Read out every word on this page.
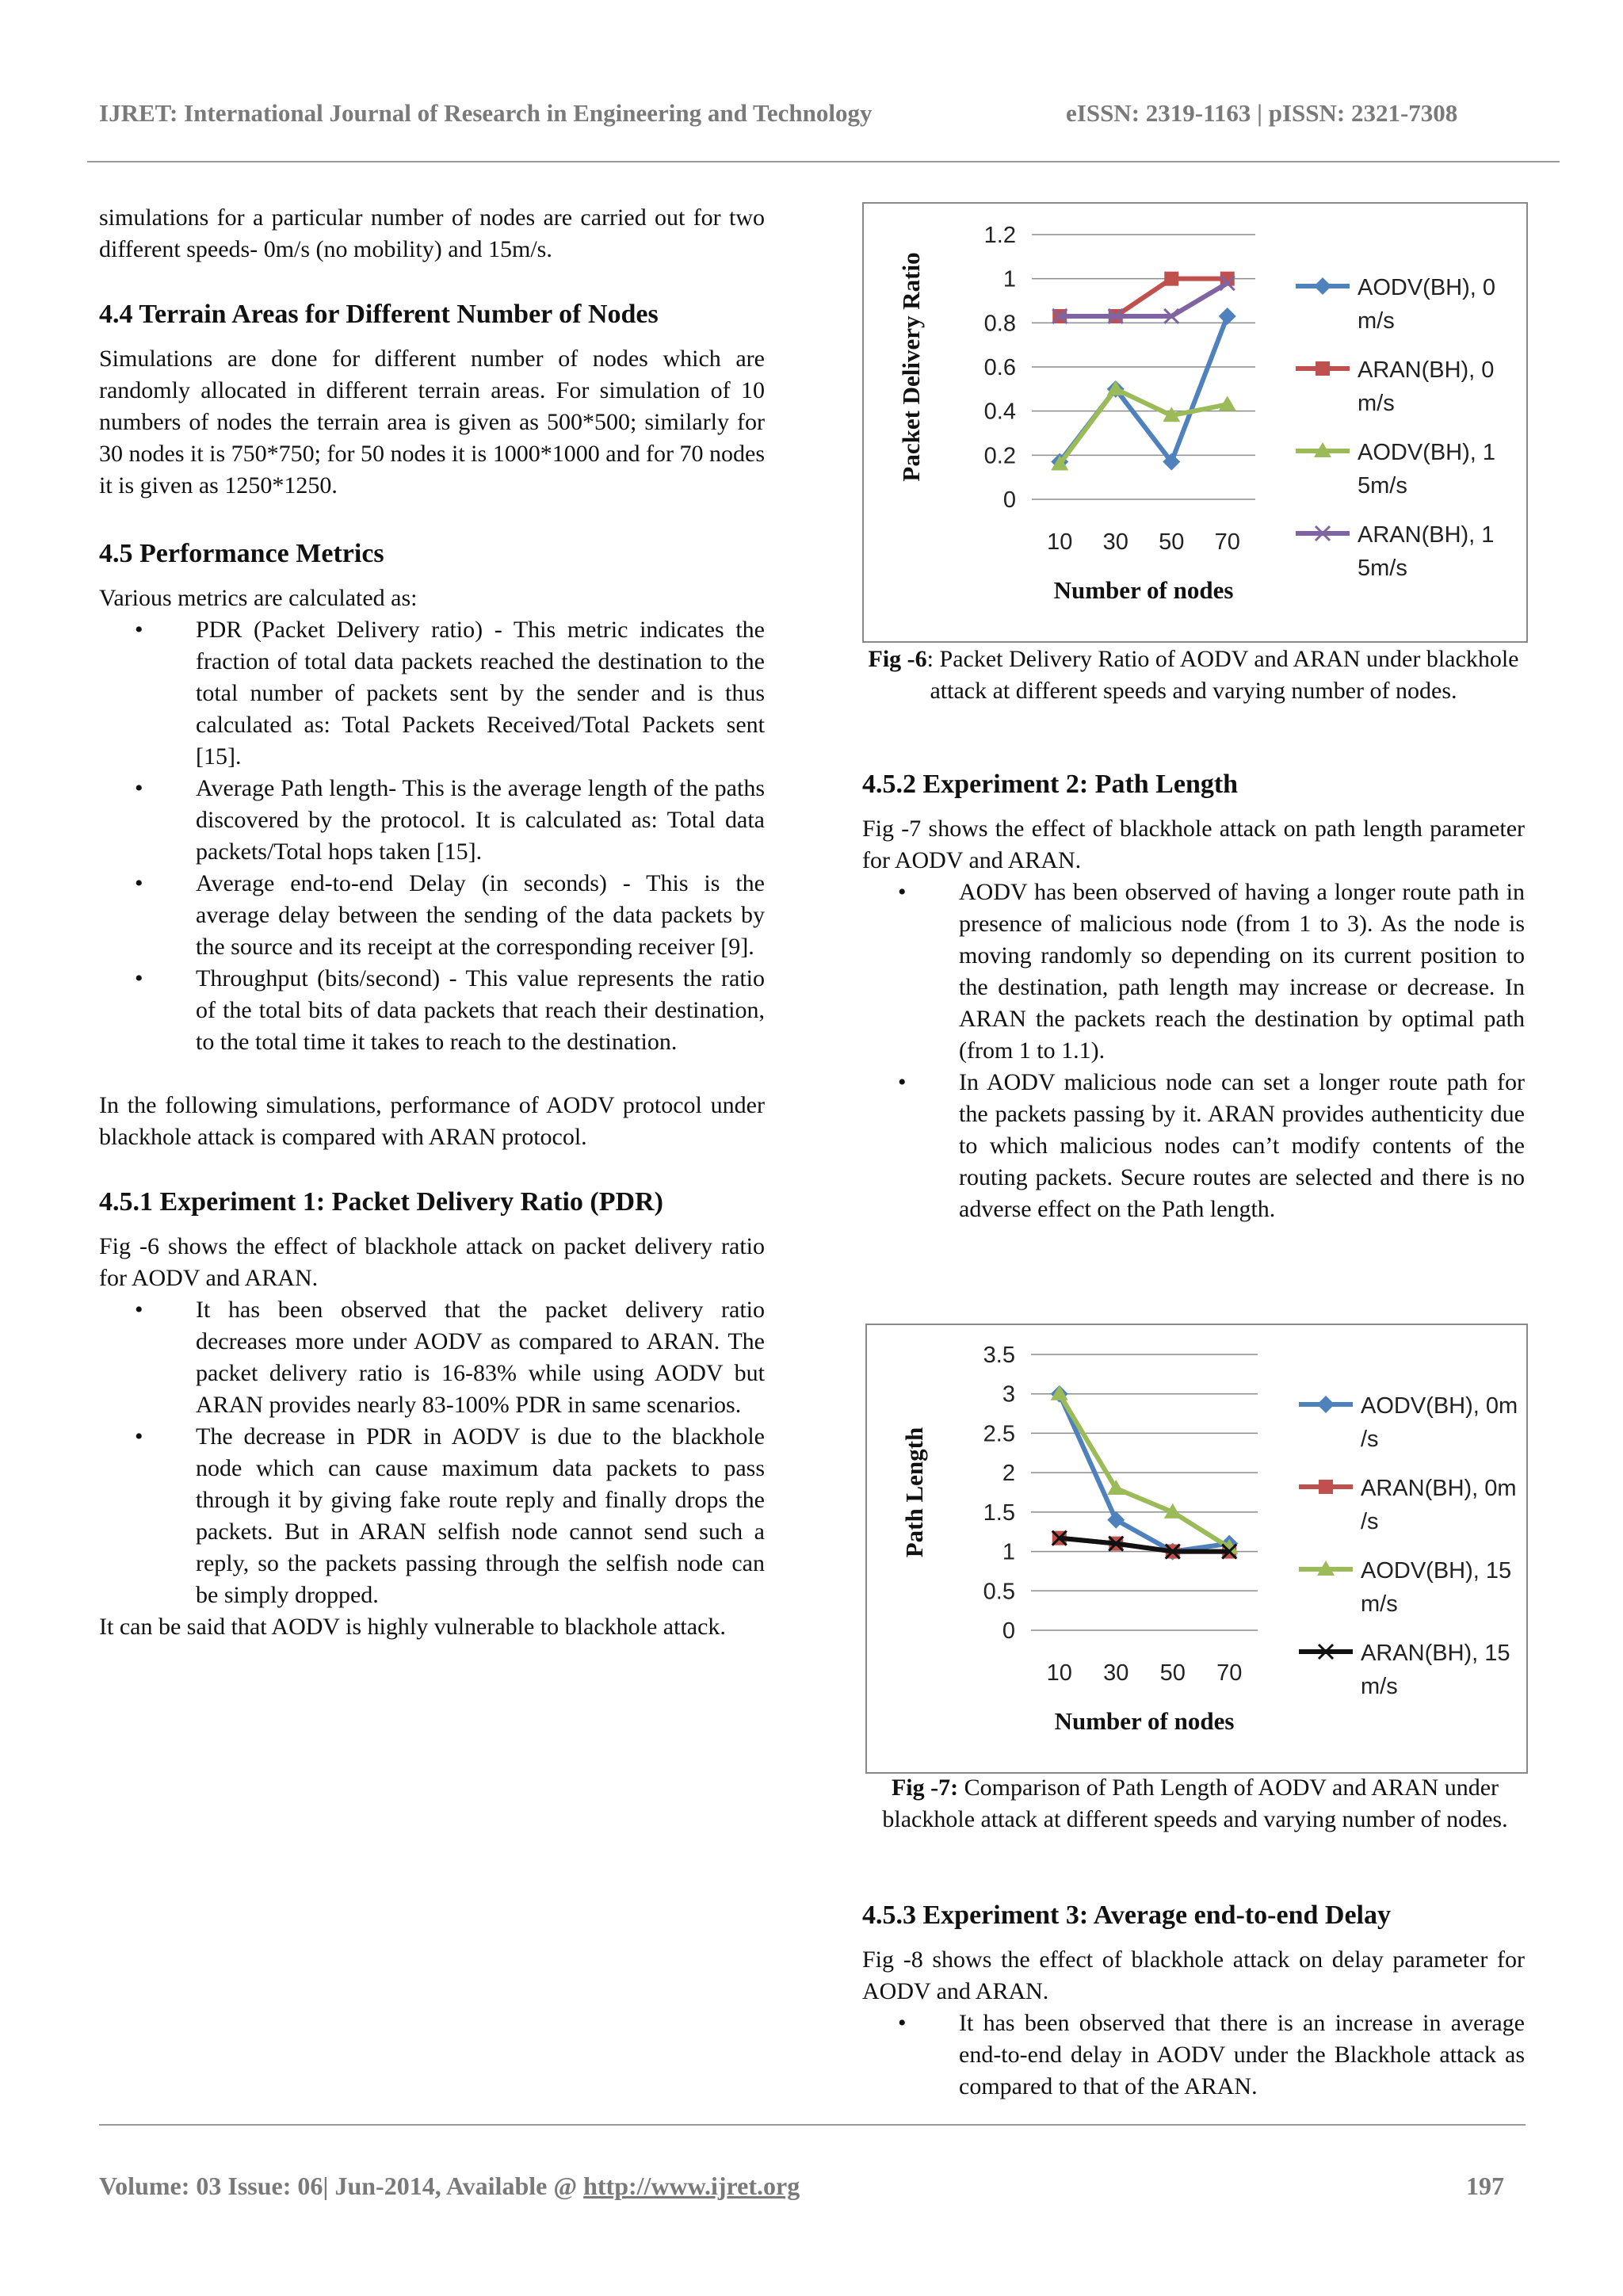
IJRET: International Journal of Research in Engineering and Technology	eISSN: 2319-1163 | pISSN: 2321-7308

simulations for a particular number of nodes are carried out for two different speeds- 0m/s (no mobility) and 15m/s.

4.4 Terrain Areas for Different Number of Nodes

Simulations are done for different number of nodes which are randomly allocated in different terrain areas. For simulation of 10 numbers of nodes the terrain area is given as 500*500; similarly for 30 nodes it is 750*750; for 50 nodes it is 1000*1000 and for 70 nodes it is given as 1250*1250.

4.5 Performance Metrics

Various metrics are calculated as:

• PDR (Packet Delivery ratio) - This metric indicates the fraction of total data packets reached the destination to the total number of packets sent by the sender and is thus calculated as: Total Packets Received/Total Packets sent [15].
• Average Path length- This is the average length of the paths discovered by the protocol. It is calculated as: Total data packets/Total hops taken [15].
• Average end-to-end Delay (in seconds) - This is the average delay between the sending of the data packets by the source and its receipt at the corresponding receiver [9].
• Throughput (bits/second) - This value represents the ratio of the total bits of data packets that reach their destination, to the total time it takes to reach to the destination.

In the following simulations, performance of AODV protocol under blackhole attack is compared with ARAN protocol.

4.5.1 Experiment 1: Packet Delivery Ratio (PDR)

Fig -6 shows the effect of blackhole attack on packet delivery ratio for AODV and ARAN.

• It has been observed that the packet delivery ratio decreases more under AODV as compared to ARAN. The packet delivery ratio is 16-83% while using AODV but ARAN provides nearly 83-100% PDR in same scenarios.
• The decrease in PDR in AODV is due to the blackhole node which can cause maximum data packets to pass through it by giving fake route reply and finally drops the packets. But in ARAN selfish node cannot send such a reply, so the packets passing through the selfish node can be simply dropped.

It can be said that AODV is highly vulnerable to blackhole attack.

0
0.2
0.4
0.6
0.8
1
1.2
10 30 50 70
Number of nodes
Packet Delivery Ratio	AODV(BH), 0
m/s
ARAN(BH), 0
m/s
AODV(BH), 1
5m/s
ARAN(BH), 1
5m/s
Fig -6: Packet Delivery Ratio of AODV and ARAN under blackhole attack at different speeds and varying number of nodes.
4.5.2 Experiment 2: Path Length

Fig -7 shows the effect of blackhole attack on path length parameter for AODV and ARAN.

• AODV has been observed of having a longer route path in presence of malicious node (from 1 to 3). As the node is moving randomly so depending on its current position to the destination, path length may increase or decrease. In ARAN the packets reach the destination by optimal path (from 1 to 1.1).
• In AODV malicious node can set a longer route path for the packets passing by it. ARAN provides authenticity due to which malicious nodes can’t modify contents of the routing packets. Secure routes are selected and there is no adverse effect on the Path length.
0
0.5
1
1.5
2
2.5
3
3.5
10 30 50 70
Number of nodes
Path Length
AODV(BH), 0m
/s
ARAN(BH), 0m
/s
AODV(BH), 15
m/s
ARAN(BH), 15
m/s
Fig -7: Comparison of Path Length of AODV and ARAN under blackhole attack at different speeds and varying number of nodes.
4.5.3 Experiment 3: Average end-to-end Delay

Fig -8 shows the effect of blackhole attack on delay parameter for AODV and ARAN.

• It has been observed that there is an increase in average end-to-end delay in AODV under the Blackhole attack as compared to that of the ARAN.
Volume: 03 Issue: 06| Jun-2014, Available @ http://www.ijret.org	197
